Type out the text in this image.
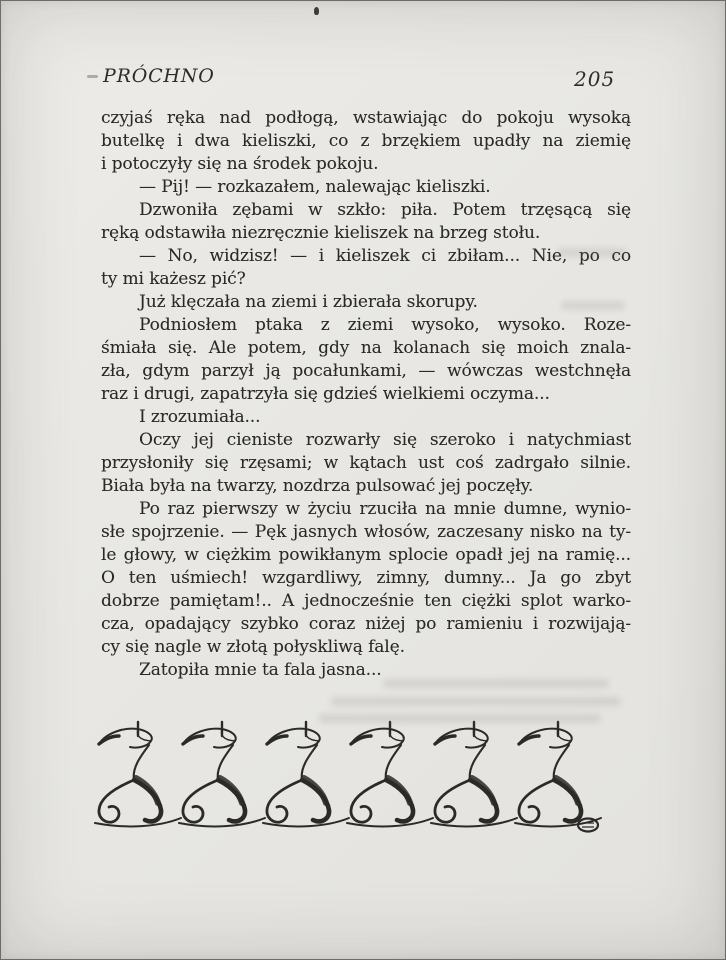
PRÓCHNO	205
czyjaś ręka nad podłogą, wstawiając do pokoju wysoką
butelkę i dwa kieliszki, co z brzękiem upadły na ziemię
i potoczyły się na środek pokoju.
— Pij! — rozkazałem, nalewając kieliszki.
Dzwoniła zębami w szkło: piła. Potem trzęsącą się
ręką odstawiła niezręcznie kieliszek na brzeg stołu.
— No, widzisz! — i kieliszek ci zbiłam... Nie, po co
ty mi każesz pić?
Już klęczała na ziemi i zbierała skorupy.
Podniosłem ptaka z ziemi wysoko, wysoko. Roze-
śmiała się. Ale potem, gdy na kolanach się moich znala-
zła, gdym parzył ją pocałunkami, — wówczas westchnęła
raz i drugi, zapatrzyła się gdzieś wielkiemi oczyma...
I zrozumiała...
Oczy jej cieniste rozwarły się szeroko i natychmiast
przysłoniły się rzęsami; w kątach ust coś zadrgało silnie.
Biała była na twarzy, nozdrza pulsować jej poczęły.
Po raz pierwszy w życiu rzuciła na mnie dumne, wynio-
słe spojrzenie. — Pęk jasnych włosów, zaczesany nisko na ty-
le głowy, w ciężkim powikłanym splocie opadł jej na ramię...
O ten uśmiech! wzgardliwy, zimny, dumny... Ja go zbyt
dobrze pamiętam!.. A jednocześnie ten ciężki splot warko-
cza, opadający szybko coraz niżej po ramieniu i rozwijają-
cy się nagle w złotą połyskliwą falę.
Zatopiła mnie ta fala jasna...
